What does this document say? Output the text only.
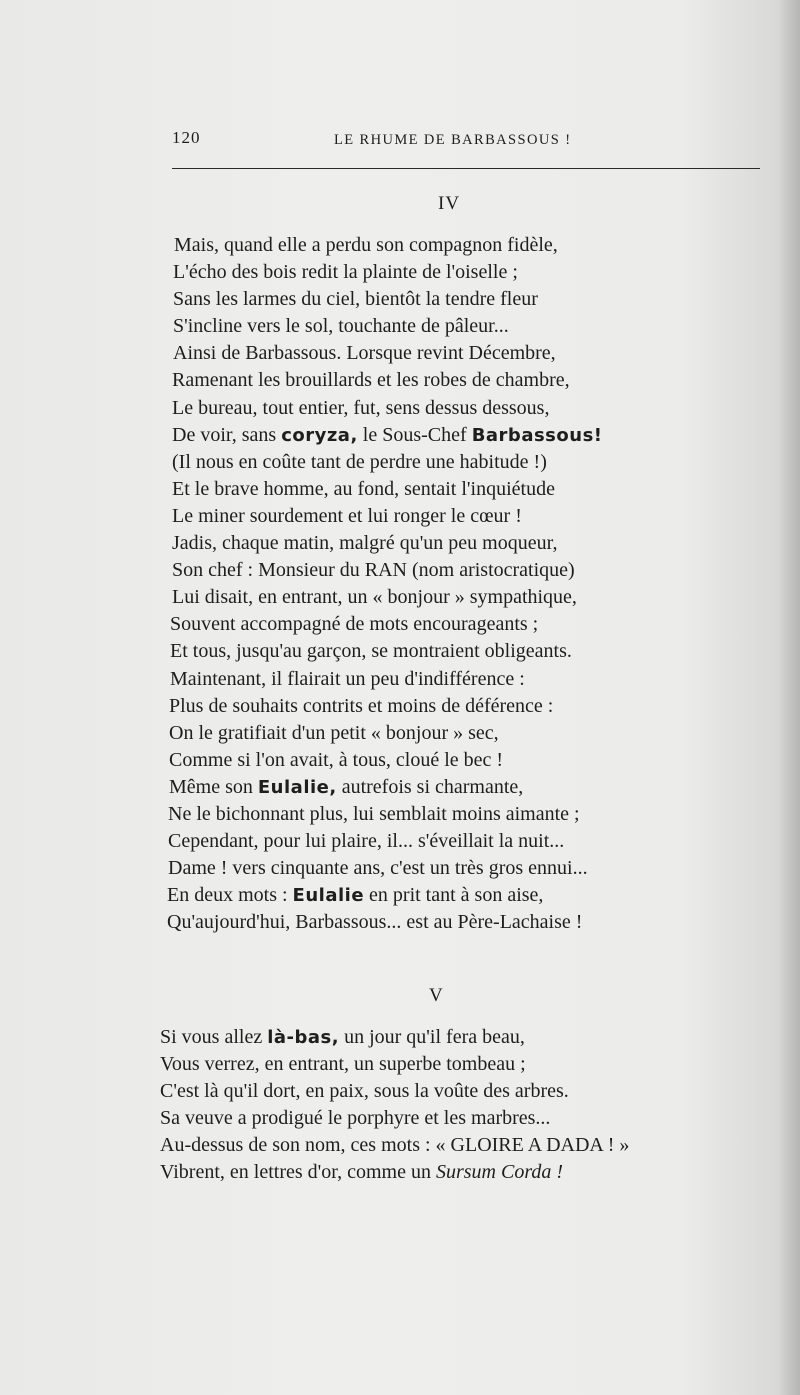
120	LE RHUME DE BARBASSOUS !
IV
Mais, quand elle a perdu son compagnon fidèle,
L'écho des bois redit la plainte de l'oiselle ;
Sans les larmes du ciel, bientôt la tendre fleur
S'incline vers le sol, touchante de pâleur...
Ainsi de Barbassous. Lorsque revint Décembre,
Ramenant les brouillards et les robes de chambre,
Le bureau, tout entier, fut, sens dessus dessous,
De voir, sans coryza, le Sous-Chef Barbassous!
(Il nous en coûte tant de perdre une habitude !)
Et le brave homme, au fond, sentait l'inquiétude
Le miner sourdement et lui ronger le cœur !
Jadis, chaque matin, malgré qu'un peu moqueur,
Son chef : Monsieur du RAN (nom aristocratique)
Lui disait, en entrant, un « bonjour » sympathique,
Souvent accompagné de mots encourageants ;
Et tous, jusqu'au garçon, se montraient obligeants.
Maintenant, il flairait un peu d'indifférence :
Plus de souhaits contrits et moins de déférence :
On le gratifiait d'un petit « bonjour » sec,
Comme si l'on avait, à tous, cloué le bec !
Même son Eulalie, autrefois si charmante,
Ne le bichonnant plus, lui semblait moins aimante ;
Cependant, pour lui plaire, il... s'éveillait la nuit...
Dame ! vers cinquante ans, c'est un très gros ennui...
En deux mots : Eulalie en prit tant à son aise,
Qu'aujourd'hui, Barbassous... est au Père-Lachaise !
V
Si vous allez là-bas, un jour qu'il fera beau,
Vous verrez, en entrant, un superbe tombeau ;
C'est là qu'il dort, en paix, sous la voûte des arbres.
Sa veuve a prodigué le porphyre et les marbres...
Au-dessus de son nom, ces mots : « GLOIRE A DADA ! »
Vibrent, en lettres d'or, comme un Sursum Corda !
